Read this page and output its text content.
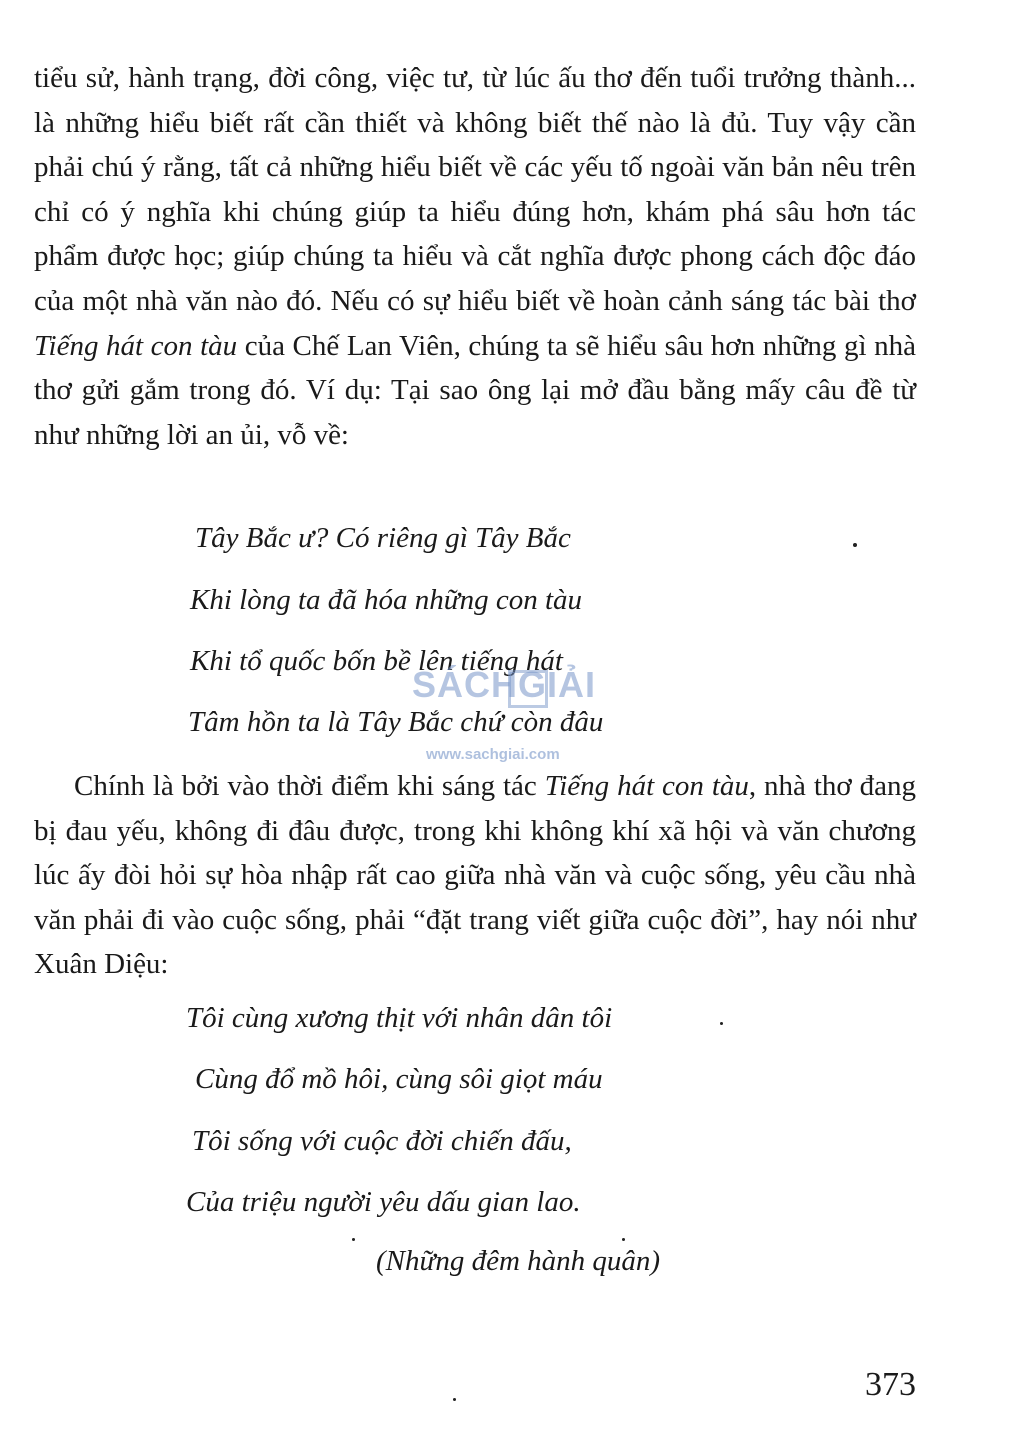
tiểu sử, hành trạng, đời công, việc tư, từ lúc ấu thơ đến tuổi trưởng thành... là những hiểu biết rất cần thiết và không biết thế nào là đủ. Tuy vậy cần phải chú ý rằng, tất cả những hiểu biết về các yếu tố ngoài văn bản nêu trên chỉ có ý nghĩa khi chúng giúp ta hiểu đúng hơn, khám phá sâu hơn tác phẩm được học; giúp chúng ta hiểu và cắt nghĩa được phong cách độc đáo của một nhà văn nào đó. Nếu có sự hiểu biết về hoàn cảnh sáng tác bài thơ Tiếng hát con tàu của Chế Lan Viên, chúng ta sẽ hiểu sâu hơn những gì nhà thơ gửi gắm trong đó. Ví dụ: Tại sao ông lại mở đầu bằng mấy câu đề từ như những lời an ủi, vỗ về:

Tây Bắc ư? Có riêng gì Tây Bắc
Khi lòng ta đã hóa những con tàu
Khi tổ quốc bốn bề lên tiếng hát
Tâm hồn ta là Tây Bắc chứ còn đâu
SÁCHGIẢI
www.sachgiai.com

Chính là bởi vào thời điểm khi sáng tác Tiếng hát con tàu, nhà thơ đang bị đau yếu, không đi đâu được, trong khi không khí xã hội và văn chương lúc ấy đòi hỏi sự hòa nhập rất cao giữa nhà văn và cuộc sống, yêu cầu nhà văn phải đi vào cuộc sống, phải “đặt trang viết giữa cuộc đời”, hay nói như Xuân Diệu:

Tôi cùng xương thịt với nhân dân tôi
Cùng đổ mồ hôi, cùng sôi giọt máu
Tôi sống với cuộc đời chiến đấu,
Của triệu người yêu dấu gian lao.
(Những đêm hành quân)
373
